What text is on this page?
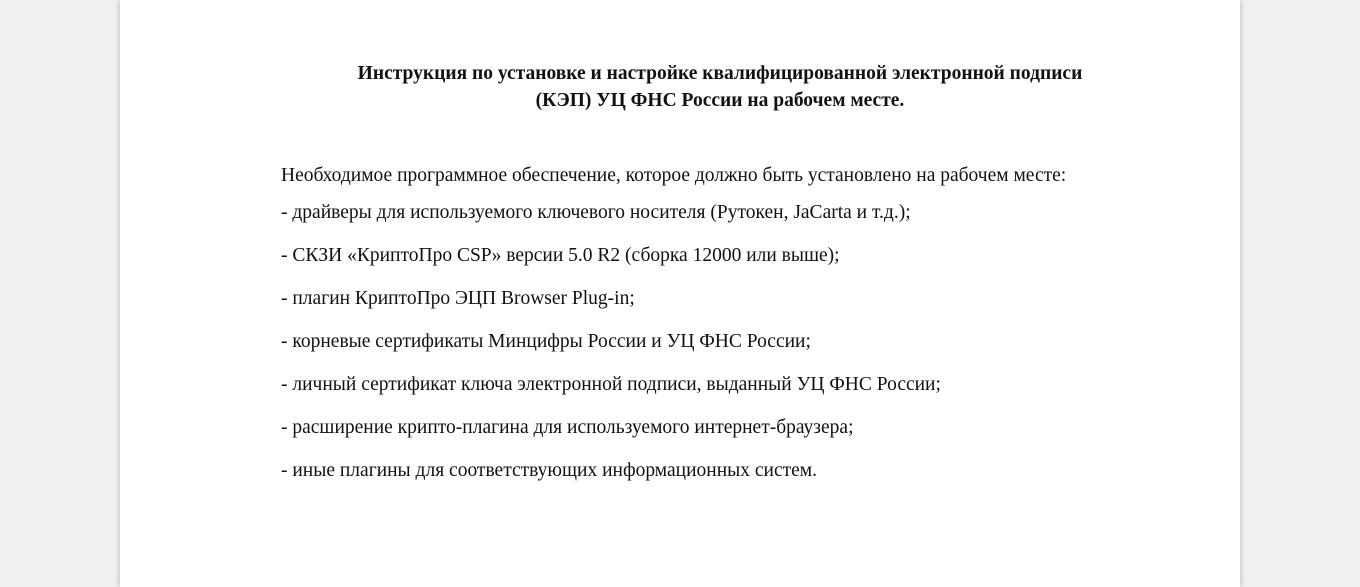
Инструкция по установке и настройке квалифицированной электронной подписи
(КЭП) УЦ ФНС России на рабочем месте.

Необходимое программное обеспечение, которое должно быть установлено на рабочем месте:

- драйверы для используемого ключевого носителя (Рутокен, JaCarta и т.д.);
- СКЗИ «КриптоПро CSP» версии 5.0 R2 (сборка 12000 или выше);
- плагин КриптоПро ЭЦП Browser Plug-in;
- корневые сертификаты Минцифры России и УЦ ФНС России;
- личный сертификат ключа электронной подписи, выданный УЦ ФНС России;
- расширение крипто-плагина для используемого интернет-браузера;
- иные плагины для соответствующих информационных систем.
